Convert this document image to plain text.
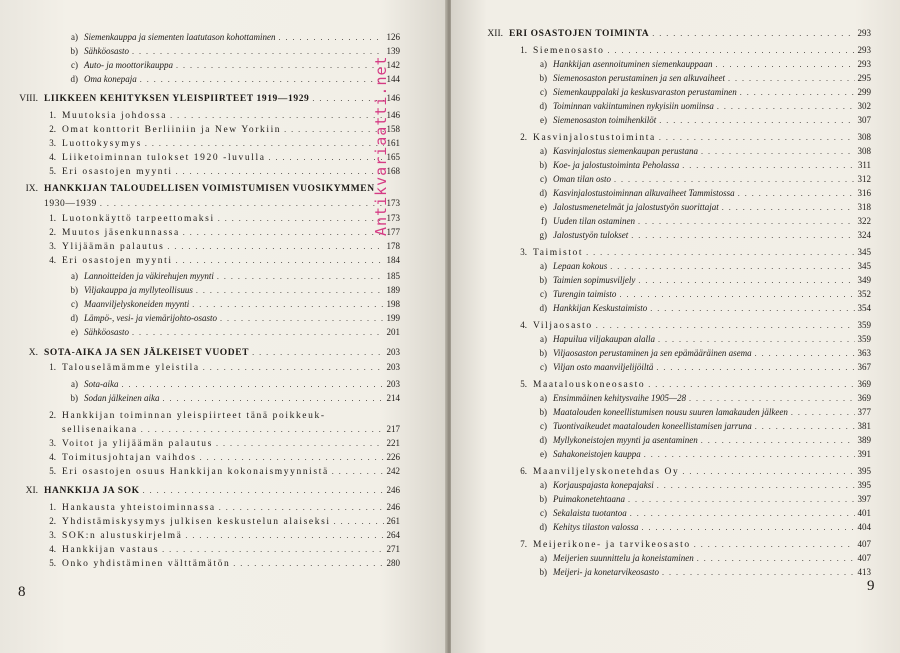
8
a) Siemenkauppa ja siementen laatutason kohottaminen . . .	126
b) Sähköosasto . . .	139
c) Auto- ja moottorikauppa . . .	142
d) Oma konepaja . . .	144
VIII. LIIKKEEN KEHITYKSEN YLEISPIIRTEET 1919—1929 . . .	146
1. Muutoksia johdossa . . .	146
2. Omat konttorit Berliiniin ja New Yorkiin . . .	158
3. Luottokysymys . . .	161
4. Liiketoiminnan tulokset 1920 -luvulla . . .	165
5. Eri osastojen myynti . . .	168
IX. HANKKIJAN TALOUDELLISEN VOIMISTUMISEN VUOSIKYMMEN
1930—1939 . . .	173
1. Luotonkäyttö tarpeettomaksi . . .	173
2. Muutos jäsenkunnassa . . .	177
3. Ylijäämän palautus . . .	178
4. Eri osastojen myynti . . .	184
a) Lannoitteiden ja väkirehujen myynti . . .	185
b) Viljakauppa ja myllyteollisuus . . .	189
c) Maanviljelyskoneiden myynti . . .	198
d) Lämpö-, vesi- ja viemärijohto-osasto . . .	199
e) Sähköosasto . . .	201
X. SOTA-AIKA JA SEN JÄLKEISET VUODET . . .	203
1. Talouselämämme yleistila . . .	203
a) Sota-aika . . .	203
b) Sodan jälkeinen aika . . .	214
2. Hankkijan toiminnan yleispiirteet tänä poikkeuk-
sellisenaikana . . .	217
3. Voitot ja ylijäämän palautus . . .	221
4. Toimitusjohtajan vaihdos . . .	226
5. Eri osastojen osuus Hankkijan kokonaismyynnistä . . .	242
XI. HANKKIJA JA SOK . . .	246
1. Hankausta yhteistoiminnassa . . .	246
2. Yhdistämiskysymys julkisen keskustelun alaiseksi . . .	261
3. SOK:n alustuskirjelmä . . .	264
4. Hankkijan vastaus . . .	271
5. Onko yhdistäminen välttämätön . . .	280
9
XII. ERI OSASTOJEN TOIMINTA . . .	293
1. Siemenosasto . . .	293
a) Hankkijan asennoituminen siemenkauppaan . . .	293
b) Siemenosaston perustaminen ja sen alkuvaiheet . . .	295
c) Siemenkauppalaki ja keskusvaraston perustaminen . . .	299
d) Toiminnan vakiintuminen nykyisiin uomiinsa . . .	302
e) Siemenosaston toimihenkilöt . . .	307
2. Kasvinjalostustoiminta . . .	308
a) Kasvinjalostus siemenkaupan perustana . . .	308
b) Koe- ja jalostustoiminta Peholassa . . .	311
c) Oman tilan osto . . .	312
d) Kasvinjalostustoiminnan alkuvaiheet Tammistossa . . .	316
e) Jalostusmenetelmät ja jalostustyön suorittajat . . .	318
f) Uuden tilan ostaminen . . .	322
g) Jalostustyön tulokset . . .	324
3. Taimistot . . .	345
a) Lepaan kokous . . .	345
b) Taimien sopimusviljely . . .	349
c) Turengin taimisto . . .	352
d) Hankkijan Keskustaimisto . . .	354
4. Viljaosasto . . .	359
a) Hapuilua viljakaupan alalla . . .	359
b) Viljaosaston perustaminen ja sen epämääräinen asema . . .	363
c) Viljan osto maanviljelijöiltä . . .	367
5. Maatalouskoneosasto . . .	369
a) Ensimmäinen kehitysvaihe 1905—28 . . .	369
b) Maatalouden koneellistumisen nousu suuren lamakauden jälkeen . . .	377
c) Tuontivaikeudet maatalouden koneellistamisen jarruna . . .	381
d) Myllykoneistojen myynti ja asentaminen . . .	389
e) Sahakoneistojen kauppa . . .	391
6. Maanviljelyskonetehdas Oy . . .	395
a) Korjauspajasta konepajaksi . . .	395
b) Puimakonetehtaana . . .	397
c) Sekalaista tuotantoa . . .	401
d) Kehitys tilaston valossa . . .	404
7. Meijerikone- ja tarvikeosasto . . .	407
a) Meijerien suunnittelu ja koneistaminen . . .	407
b) Meijeri- ja konetarvikeosasto . . .	413
Antikvariaatti.net
